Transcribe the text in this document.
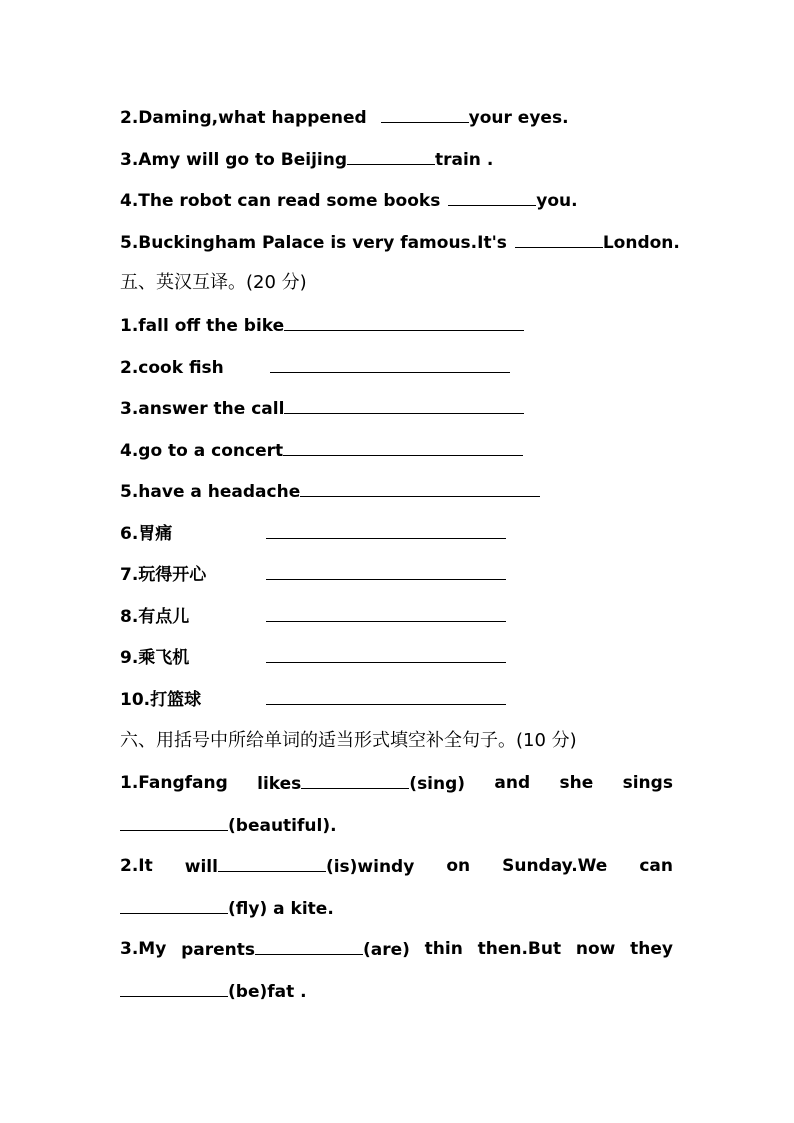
2.Daming,what happened	your eyes.
3.Amy will go to Beijing	train .
4.The robot can read some books	you.
5.Buckingham Palace is very famous.It's	London.
五、英汉互译。(20 分)
1.fall off the bike
2.cook fish
3.answer the call
4.go to a concert
5.have a headache
6.胃痛
7.玩得开心
8.有点儿
9.乘飞机
10.打篮球
六、用括号中所给单词的适当形式填空补全句子。(10 分)
1.Fangfang likes	(sing) and she sings
(beautiful).
2.It will	(is)windy on Sunday.We can
(fly) a kite.
3.My parents	(are) thin then.But now they
(be)fat .
